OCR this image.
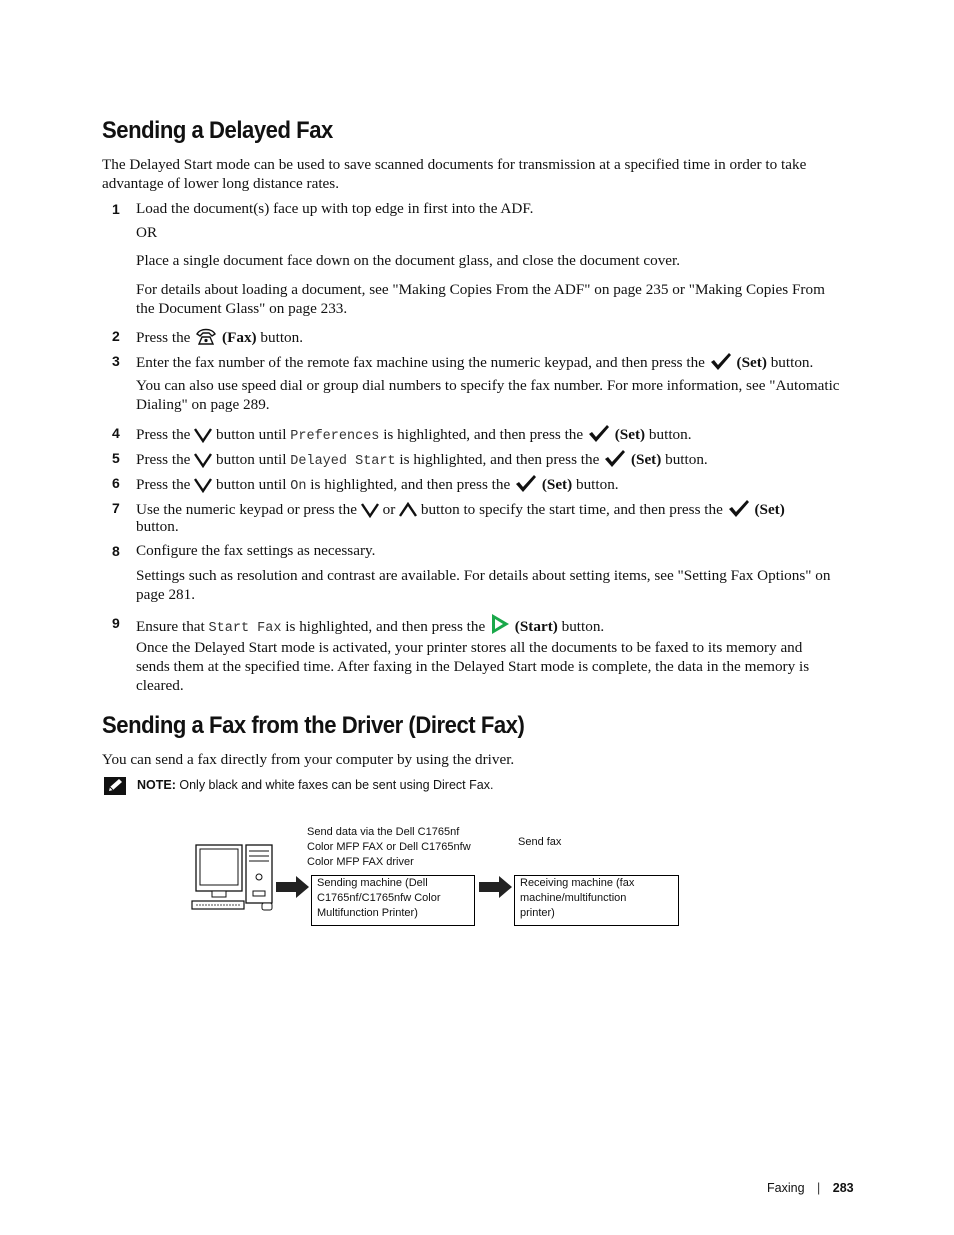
Sending a Delayed Fax
The Delayed Start mode can be used to save scanned documents for transmission at a specified time in order to take
advantage of lower long distance rates.
1 Load the document(s) face up with top edge in first into the ADF.
OR
Place a single document face down on the document glass, and close the document cover.
For details about loading a document, see "Making Copies From the ADF" on page 235 or "Making Copies From
the Document Glass" on page 233.
2 Press the (Fax) button.
3 Enter the fax number of the remote fax machine using the numeric keypad, and then press the (Set) button.
You can also use speed dial or group dial numbers to specify the fax number. For more information, see "Automatic
Dialing" on page 289.
4 Press the button until Preferences is highlighted, and then press the (Set) button.
5 Press the button until Delayed Start is highlighted, and then press the (Set) button.
6 Press the button until On is highlighted, and then press the (Set) button.
7 Use the numeric keypad or press the or button to specify the start time, and then press the (Set)
button.
8 Configure the fax settings as necessary.
Settings such as resolution and contrast are available. For details about setting items, see "Setting Fax Options" on
page 281.
9 Ensure that Start Fax is highlighted, and then press the (Start) button.
Once the Delayed Start mode is activated, your printer stores all the documents to be faxed to its memory and
sends them at the specified time. After faxing in the Delayed Start mode is complete, the data in the memory is
cleared.
Sending a Fax from the Driver (Direct Fax)
You can send a fax directly from your computer by using the driver.
NOTE: Only black and white faxes can be sent using Direct Fax.
Send data via the Dell C1765nf
Color MFP FAX or Dell C1765nfw
Color MFP FAX driver
Send fax
Sending machine (Dell
C1765nf/C1765nfw Color
Multifunction Printer)
Receiving machine (fax
machine/multifunction
printer)
Faxing | 283
